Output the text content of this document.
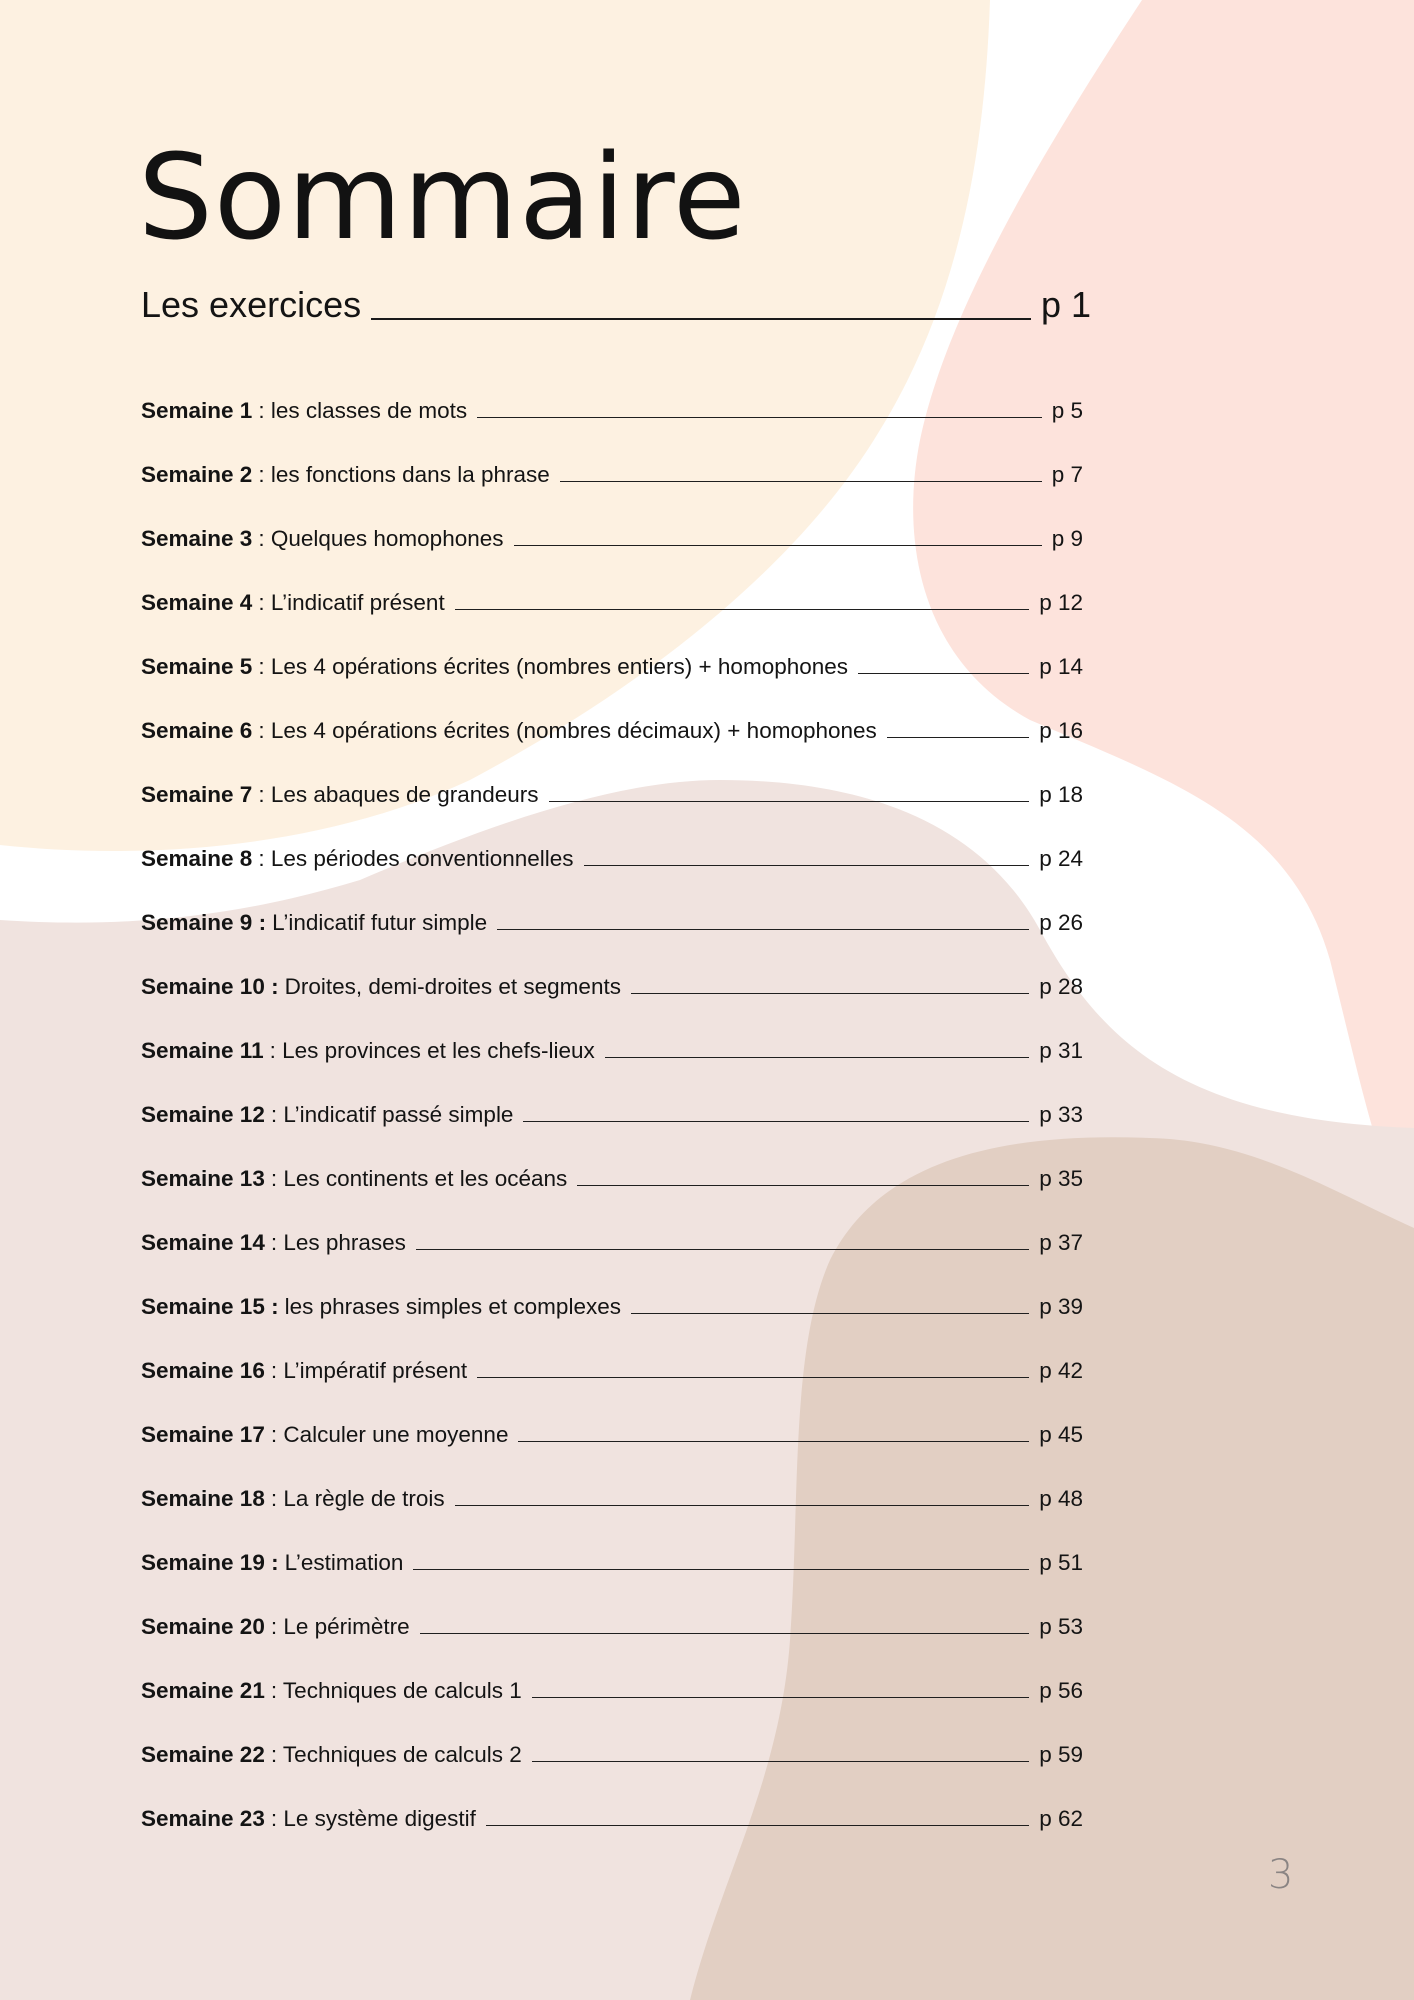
Sommaire
Les exercices	p 1
Semaine 1 : les classes de mots	p 5
Semaine 2 : les fonctions dans la phrase	p 7
Semaine 3 : Quelques homophones	p 9
Semaine 4 : L’indicatif présent	p 12
Semaine 5 : Les 4 opérations écrites (nombres entiers) + homophones	p 14
Semaine 6 : Les 4 opérations écrites (nombres décimaux) + homophones	p 16
Semaine 7 : Les abaques de grandeurs	p 18
Semaine 8 : Les périodes conventionnelles	p 24
Semaine 9 : L’indicatif futur simple	p 26
Semaine 10 : Droites, demi-droites et segments	p 28
Semaine 11 : Les provinces et les chefs-lieux	p 31
Semaine 12 : L’indicatif passé simple	p 33
Semaine 13 : Les continents et les océans	p 35
Semaine 14 : Les phrases	p 37
Semaine 15 : les phrases simples et complexes	p 39
Semaine 16 : L’impératif présent	p 42
Semaine 17 : Calculer une moyenne	p 45
Semaine 18 : La règle de trois	p 48
Semaine 19 : L’estimation	p 51
Semaine 20 : Le périmètre	p 53
Semaine 21 : Techniques de calculs 1	p 56
Semaine 22 : Techniques de calculs 2	p 59
Semaine 23 : Le système digestif	p 62
3
